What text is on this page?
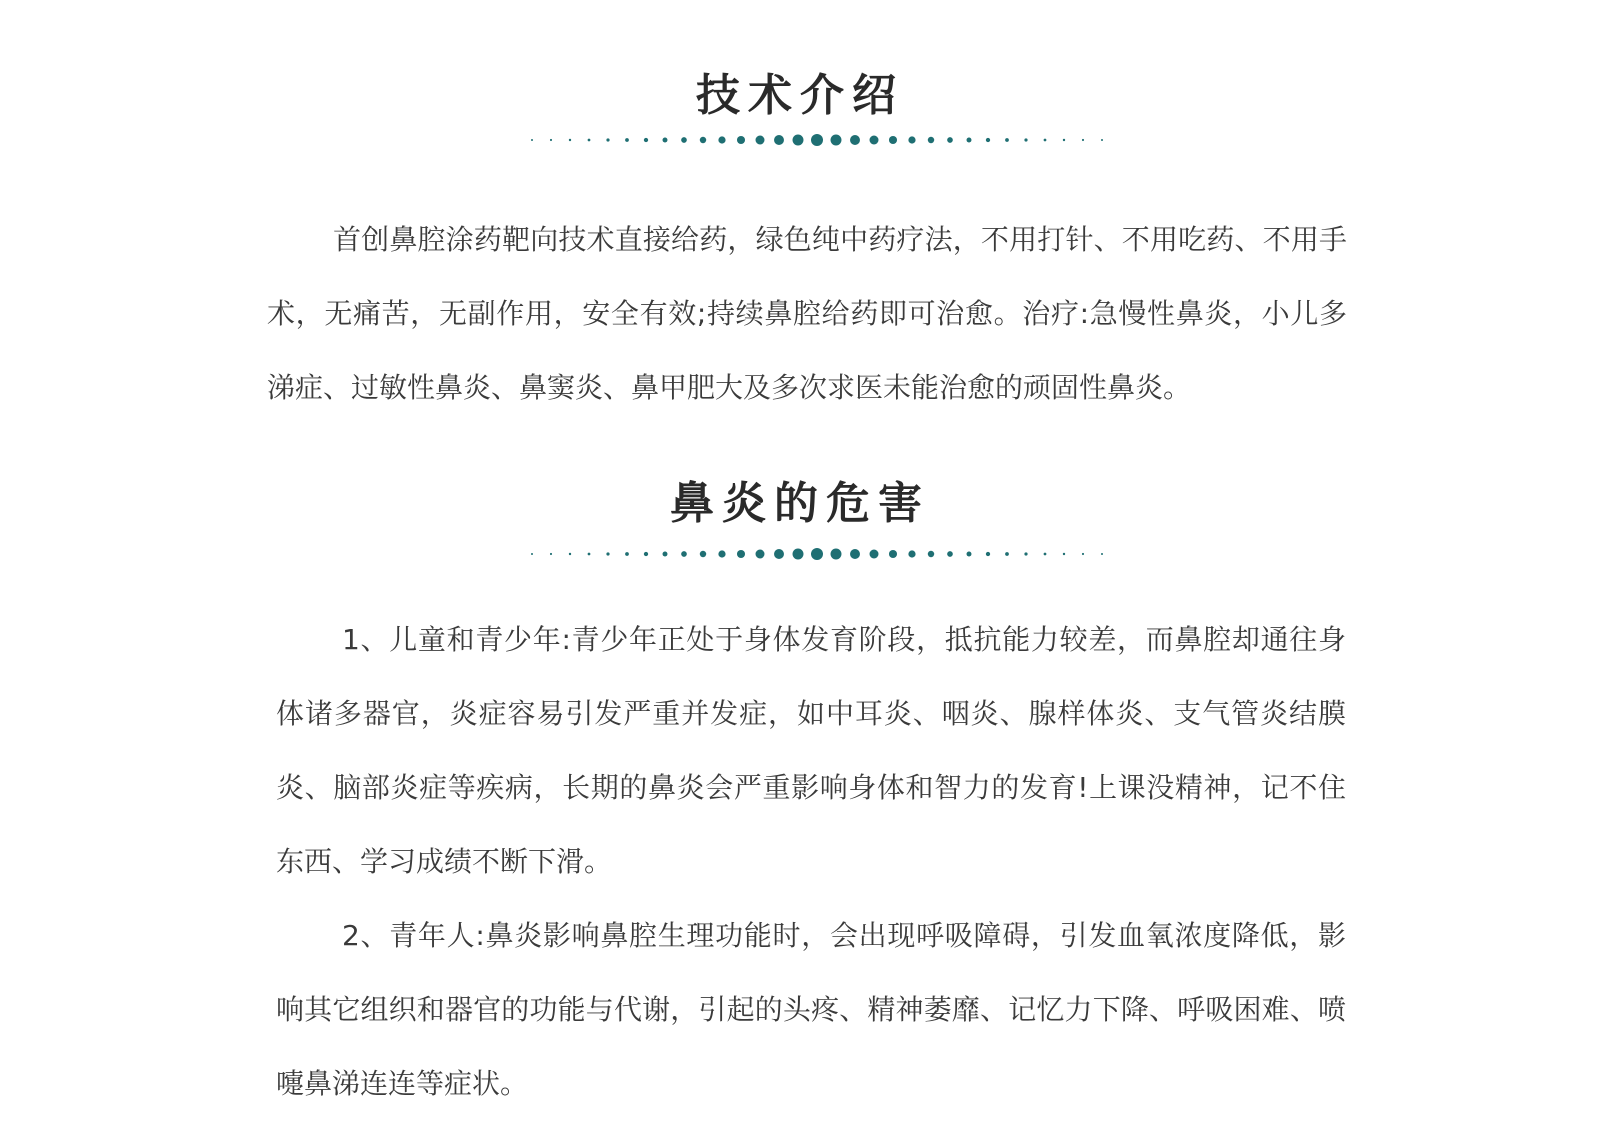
技术介绍

首创鼻腔涂药靶向技术直接给药，绿色纯中药疗法，不用打针、不用吃药、不用手术，无痛苦，无副作用，安全有效;持续鼻腔给药即可治愈。治疗:急慢性鼻炎，小儿多涕症、过敏性鼻炎、鼻窦炎、鼻甲肥大及多次求医未能治愈的顽固性鼻炎。

鼻炎的危害

1、儿童和青少年:青少年正处于身体发育阶段，抵抗能力较差，而鼻腔却通往身体诸多器官，炎症容易引发严重并发症，如中耳炎、咽炎、腺样体炎、支气管炎结膜炎、脑部炎症等疾病，长期的鼻炎会严重影响身体和智力的发育!上课没精神，记不住东西、学习成绩不断下滑。

2、青年人:鼻炎影响鼻腔生理功能时，会出现呼吸障碍，引发血氧浓度降低，影响其它组织和器官的功能与代谢，引起的头疼、精神萎靡、记忆力下降、呼吸困难、喷嚏鼻涕连连等症状。
